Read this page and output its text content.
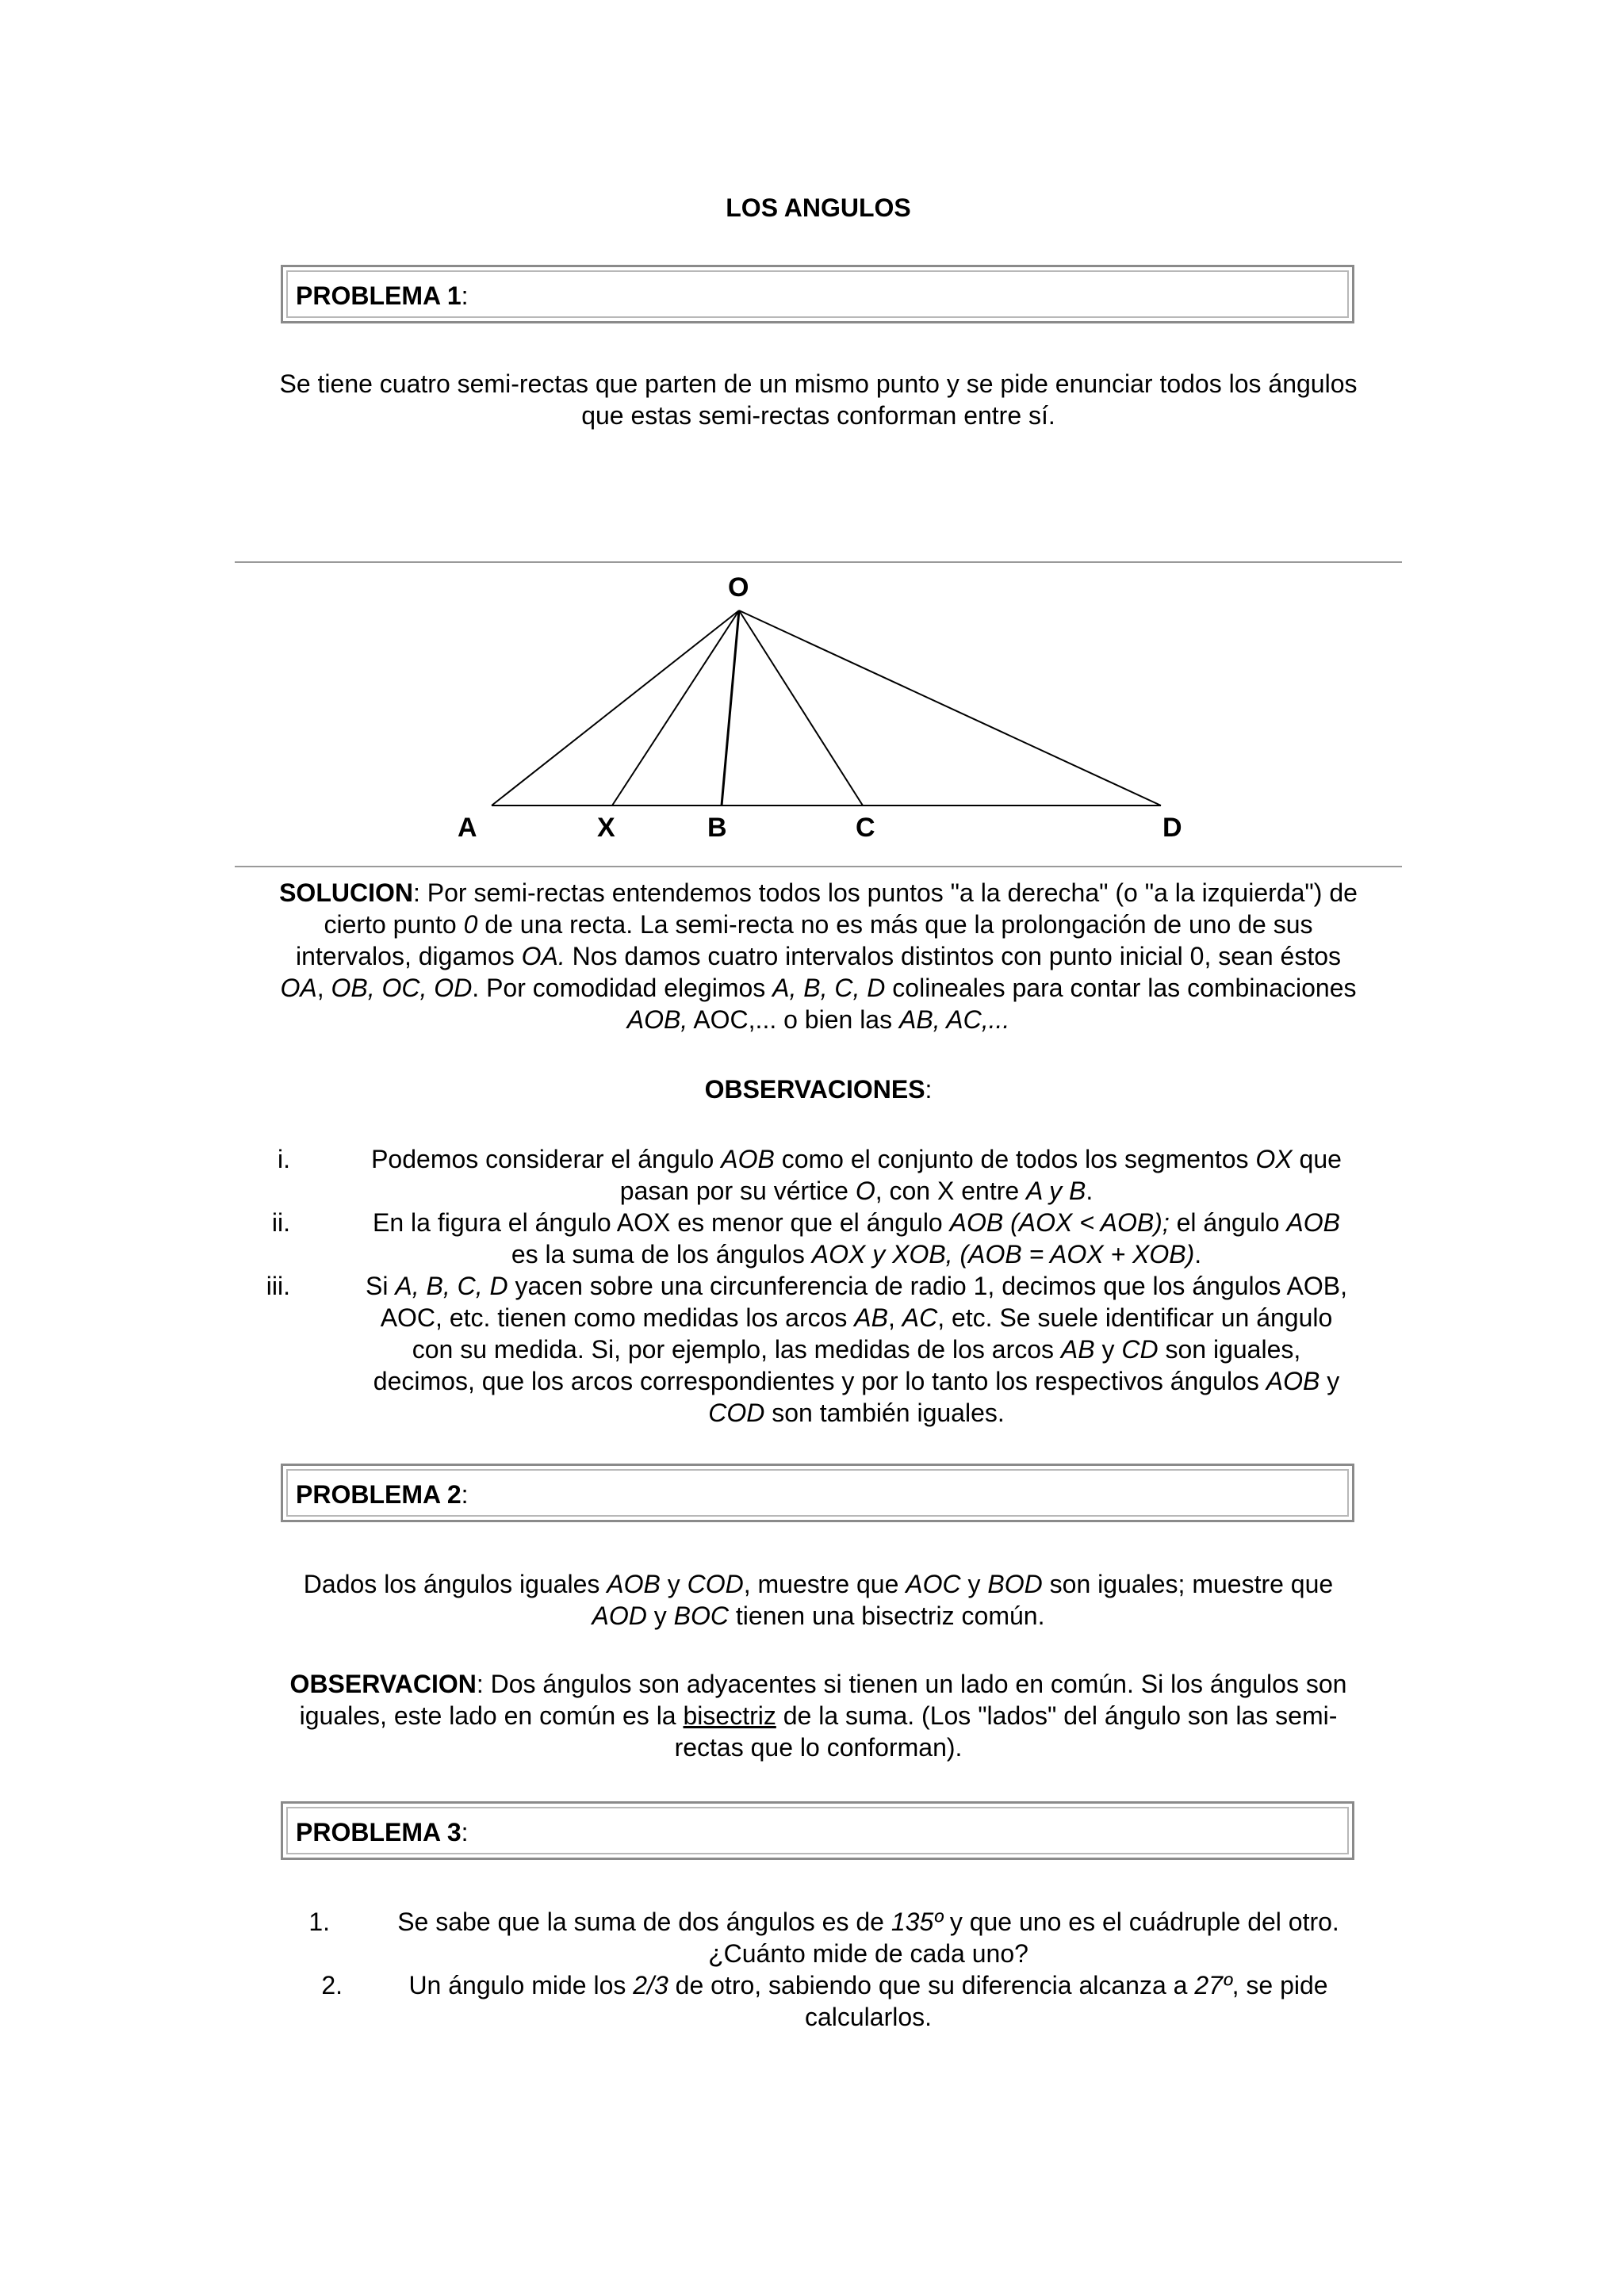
LOS ANGULOS
PROBLEMA 1:

Se tiene cuatro semi-rectas que parten de un mismo punto y se pide enunciar todos los ángulos
que estas semi-rectas conforman entre sí.

O
A	X	B	C	D

SOLUCION: Por semi-rectas entendemos todos los puntos "a la derecha" (o "a la izquierda") de
cierto punto 0 de una recta. La semi-recta no es más que la prolongación de uno de sus
intervalos, digamos OA. Nos damos cuatro intervalos distintos con punto inicial 0, sean éstos
OA, OB, OC, OD. Por comodidad elegimos A, B, C, D colineales para contar las combinaciones
AOB, AOC,... o bien las AB, AC,...

OBSERVACIONES:

i.	Podemos considerar el ángulo AOB como el conjunto de todos los segmentos OX que
pasan por su vértice O, con X entre A y B.
ii.	En la figura el ángulo AOX es menor que el ángulo AOB (AOX < AOB); el ángulo AOB
es la suma de los ángulos AOX y XOB, (AOB = AOX + XOB).
iii.	Si A, B, C, D yacen sobre una circunferencia de radio 1, decimos que los ángulos AOB,
AOC, etc. tienen como medidas los arcos AB, AC, etc. Se suele identificar un ángulo
con su medida. Si, por ejemplo, las medidas de los arcos AB y CD son iguales,
decimos, que los arcos correspondientes y por lo tanto los respectivos ángulos AOB y
COD son también iguales.
PROBLEMA 2:

Dados los ángulos iguales AOB y COD, muestre que AOC y BOD son iguales; muestre que
AOD y BOC tienen una bisectriz común.

OBSERVACION: Dos ángulos son adyacentes si tienen un lado en común. Si los ángulos son
iguales, este lado en común es la bisectriz de la suma. (Los "lados" del ángulo son las semi-
rectas que lo conforman).

PROBLEMA 3:
1.	Se sabe que la suma de dos ángulos es de 135º y que uno es el cuádruple del otro.
¿Cuánto mide de cada uno?
2.	Un ángulo mide los 2/3 de otro, sabiendo que su diferencia alcanza a 27º, se pide
calcularlos.
